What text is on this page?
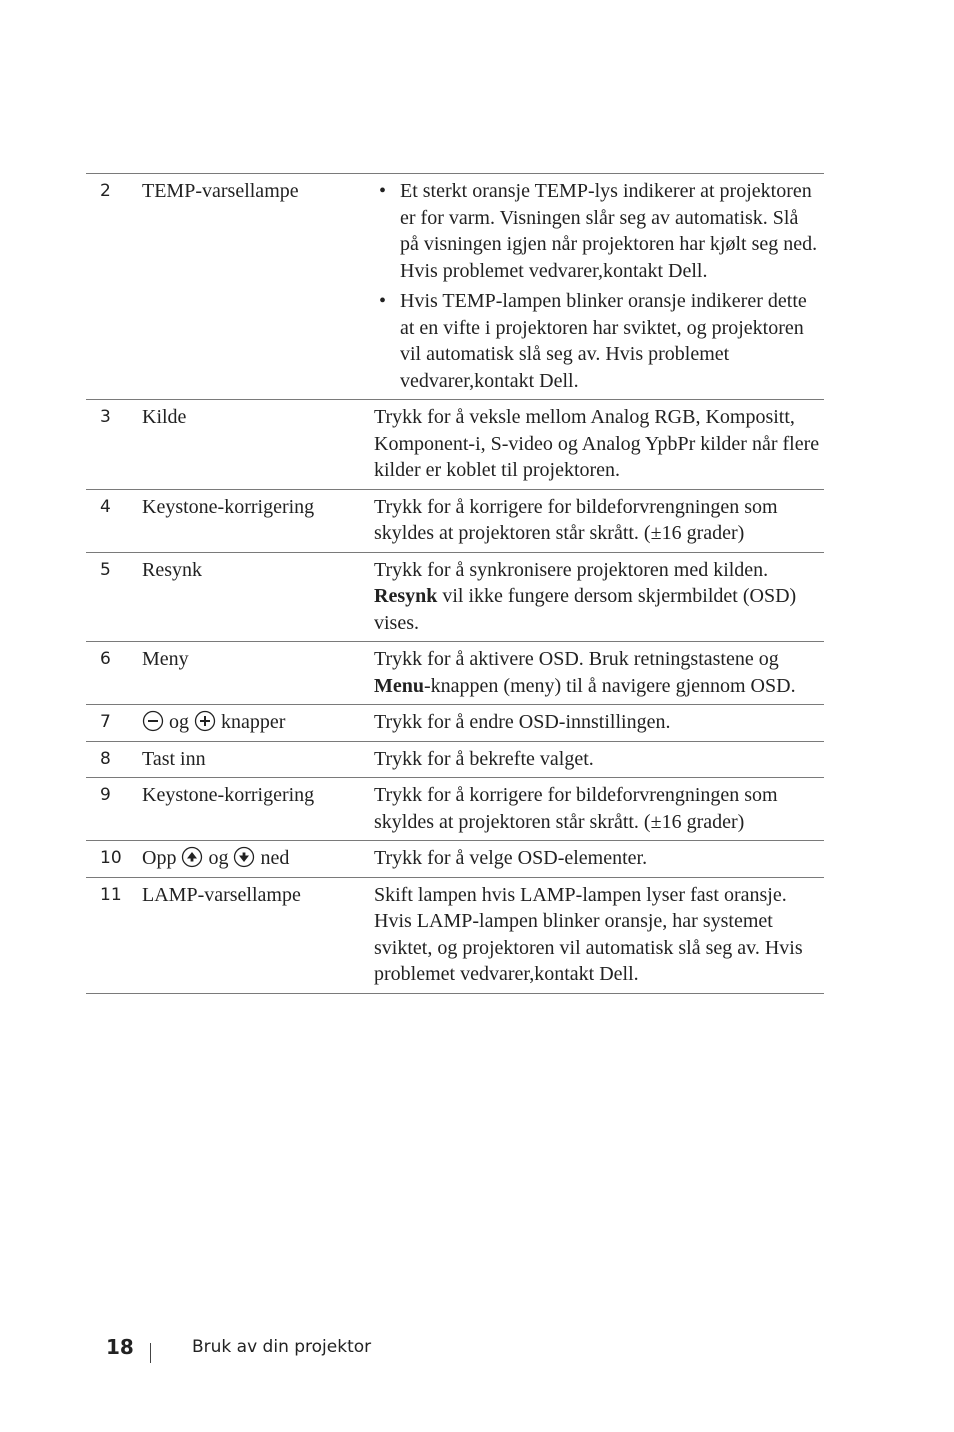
2	TEMP-varsellampe
•	Et sterkt oransje TEMP-lys indikerer at projektoren er for varm. Visningen slår seg av automatisk. Slå på visningen igjen når projektoren har kjølt seg ned. Hvis problemet vedvarer,kontakt Dell.
• Hvis TEMP-lampen blinker oransje indikerer dette at en vifte i projektoren har sviktet, og projektoren vil automatisk slå seg av. Hvis problemet vedvarer,kontakt Dell.
3	Kilde	Trykk for å veksle mellom Analog RGB, Kompositt, Komponent-i, S-video og Analog YpbPr kilder når flere kilder er koblet til projektoren.
4	Keystone-korrigering	Trykk for å korrigere for bildeforvrengningen som skyldes at projektoren står skrått. (±16 grader)
5	Resynk	Trykk for å synkronisere projektoren med kilden. Resynk vil ikke fungere dersom skjermbildet (OSD) vises.
6	Meny	Trykk for å aktivere OSD. Bruk retningstastene og Menu-knappen (meny) til å navigere gjennom OSD.
7	og  knapper	Trykk for å endre OSD-innstillingen.
8	Tast inn	Trykk for å bekrefte valget.
9	Keystone-korrigering	Trykk for å korrigere for bildeforvrengningen som skyldes at projektoren står skrått. (±16 grader)
10	Opp  og  ned	Trykk for å velge OSD-elementer.
11	LAMP-varsellampe	Skift lampen hvis LAMP-lampen lyser fast oransje. Hvis LAMP-lampen blinker oransje, har systemet sviktet, og projektoren vil automatisk slå seg av. Hvis problemet vedvarer,kontakt Dell.
18	Bruk av din projektor
